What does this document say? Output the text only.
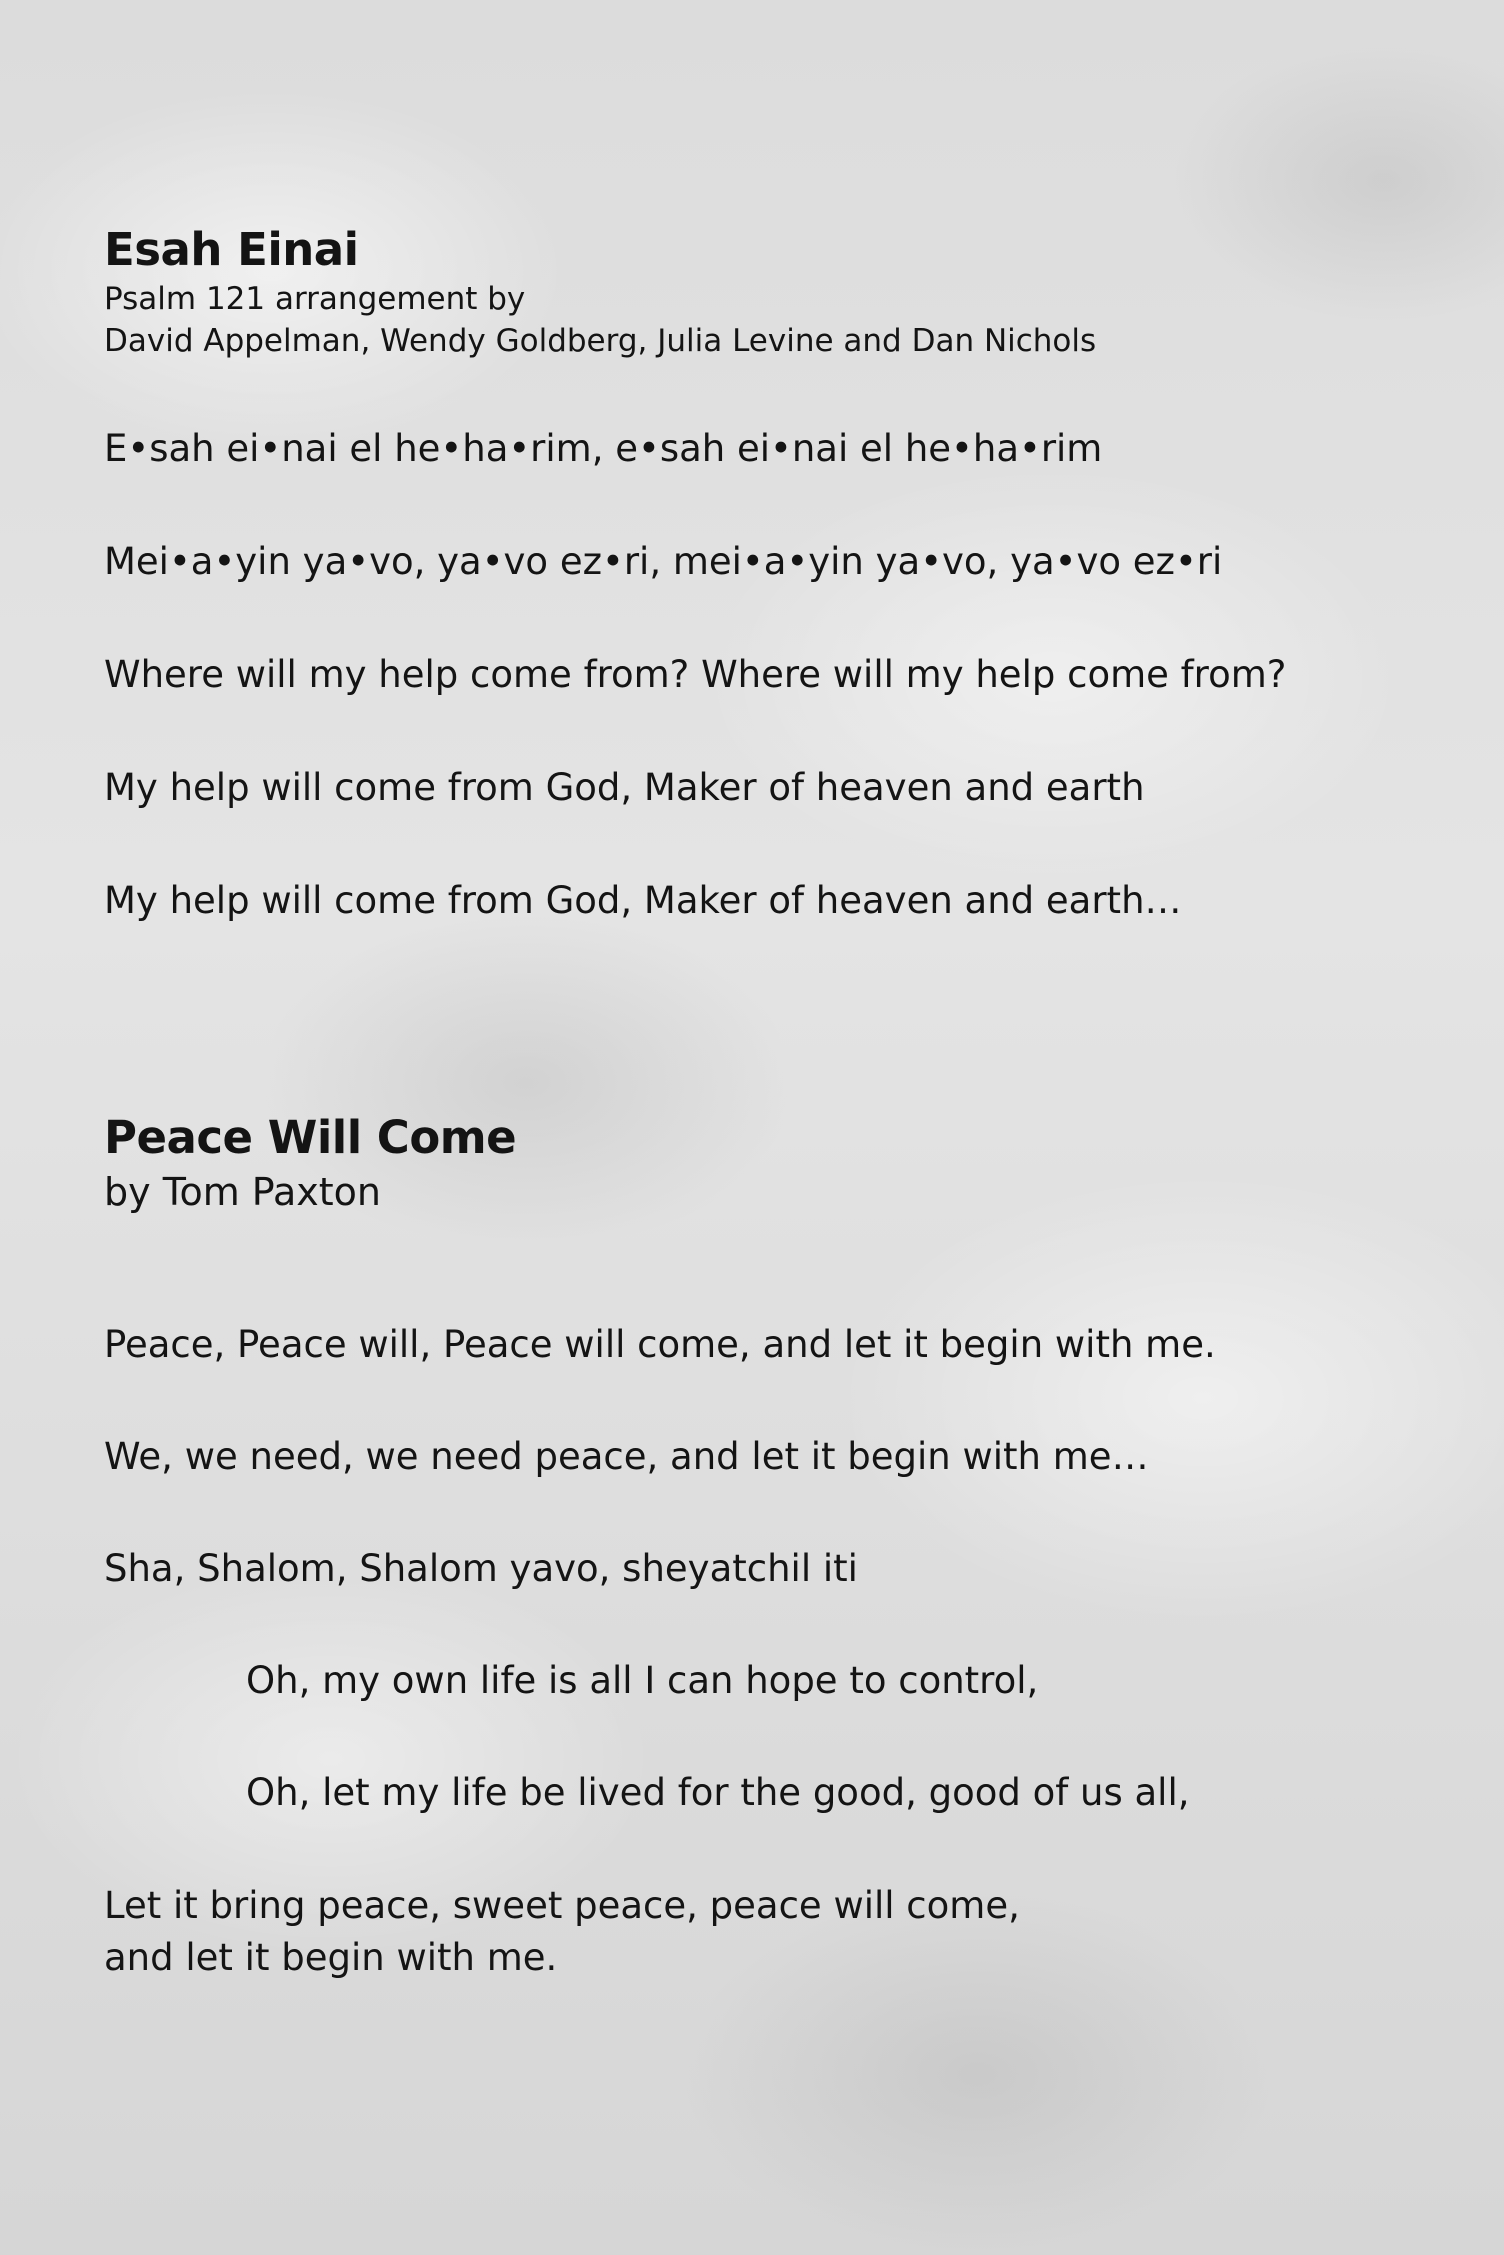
Esah Einai

Psalm 121 arrangement by

David Appelman, Wendy Goldberg, Julia Levine and Dan Nichols

E•sah ei•nai el he•ha•rim, e•sah ei•nai el he•ha•rim

Mei•a•yin ya•vo, ya•vo ez•ri, mei•a•yin ya•vo, ya•vo ez•ri

Where will my help come from? Where will my help come from?

My help will come from God, Maker of heaven and earth

My help will come from God, Maker of heaven and earth…

Peace Will Come

by Tom Paxton

Peace, Peace will, Peace will come, and let it begin with me.

We, we need, we need peace, and let it begin with me…

Sha, Shalom, Shalom yavo, sheyatchil iti

Oh, my own life is all I can hope to control,

Oh, let my life be lived for the good, good of us all,

Let it bring peace, sweet peace, peace will come,

and let it begin with me.
